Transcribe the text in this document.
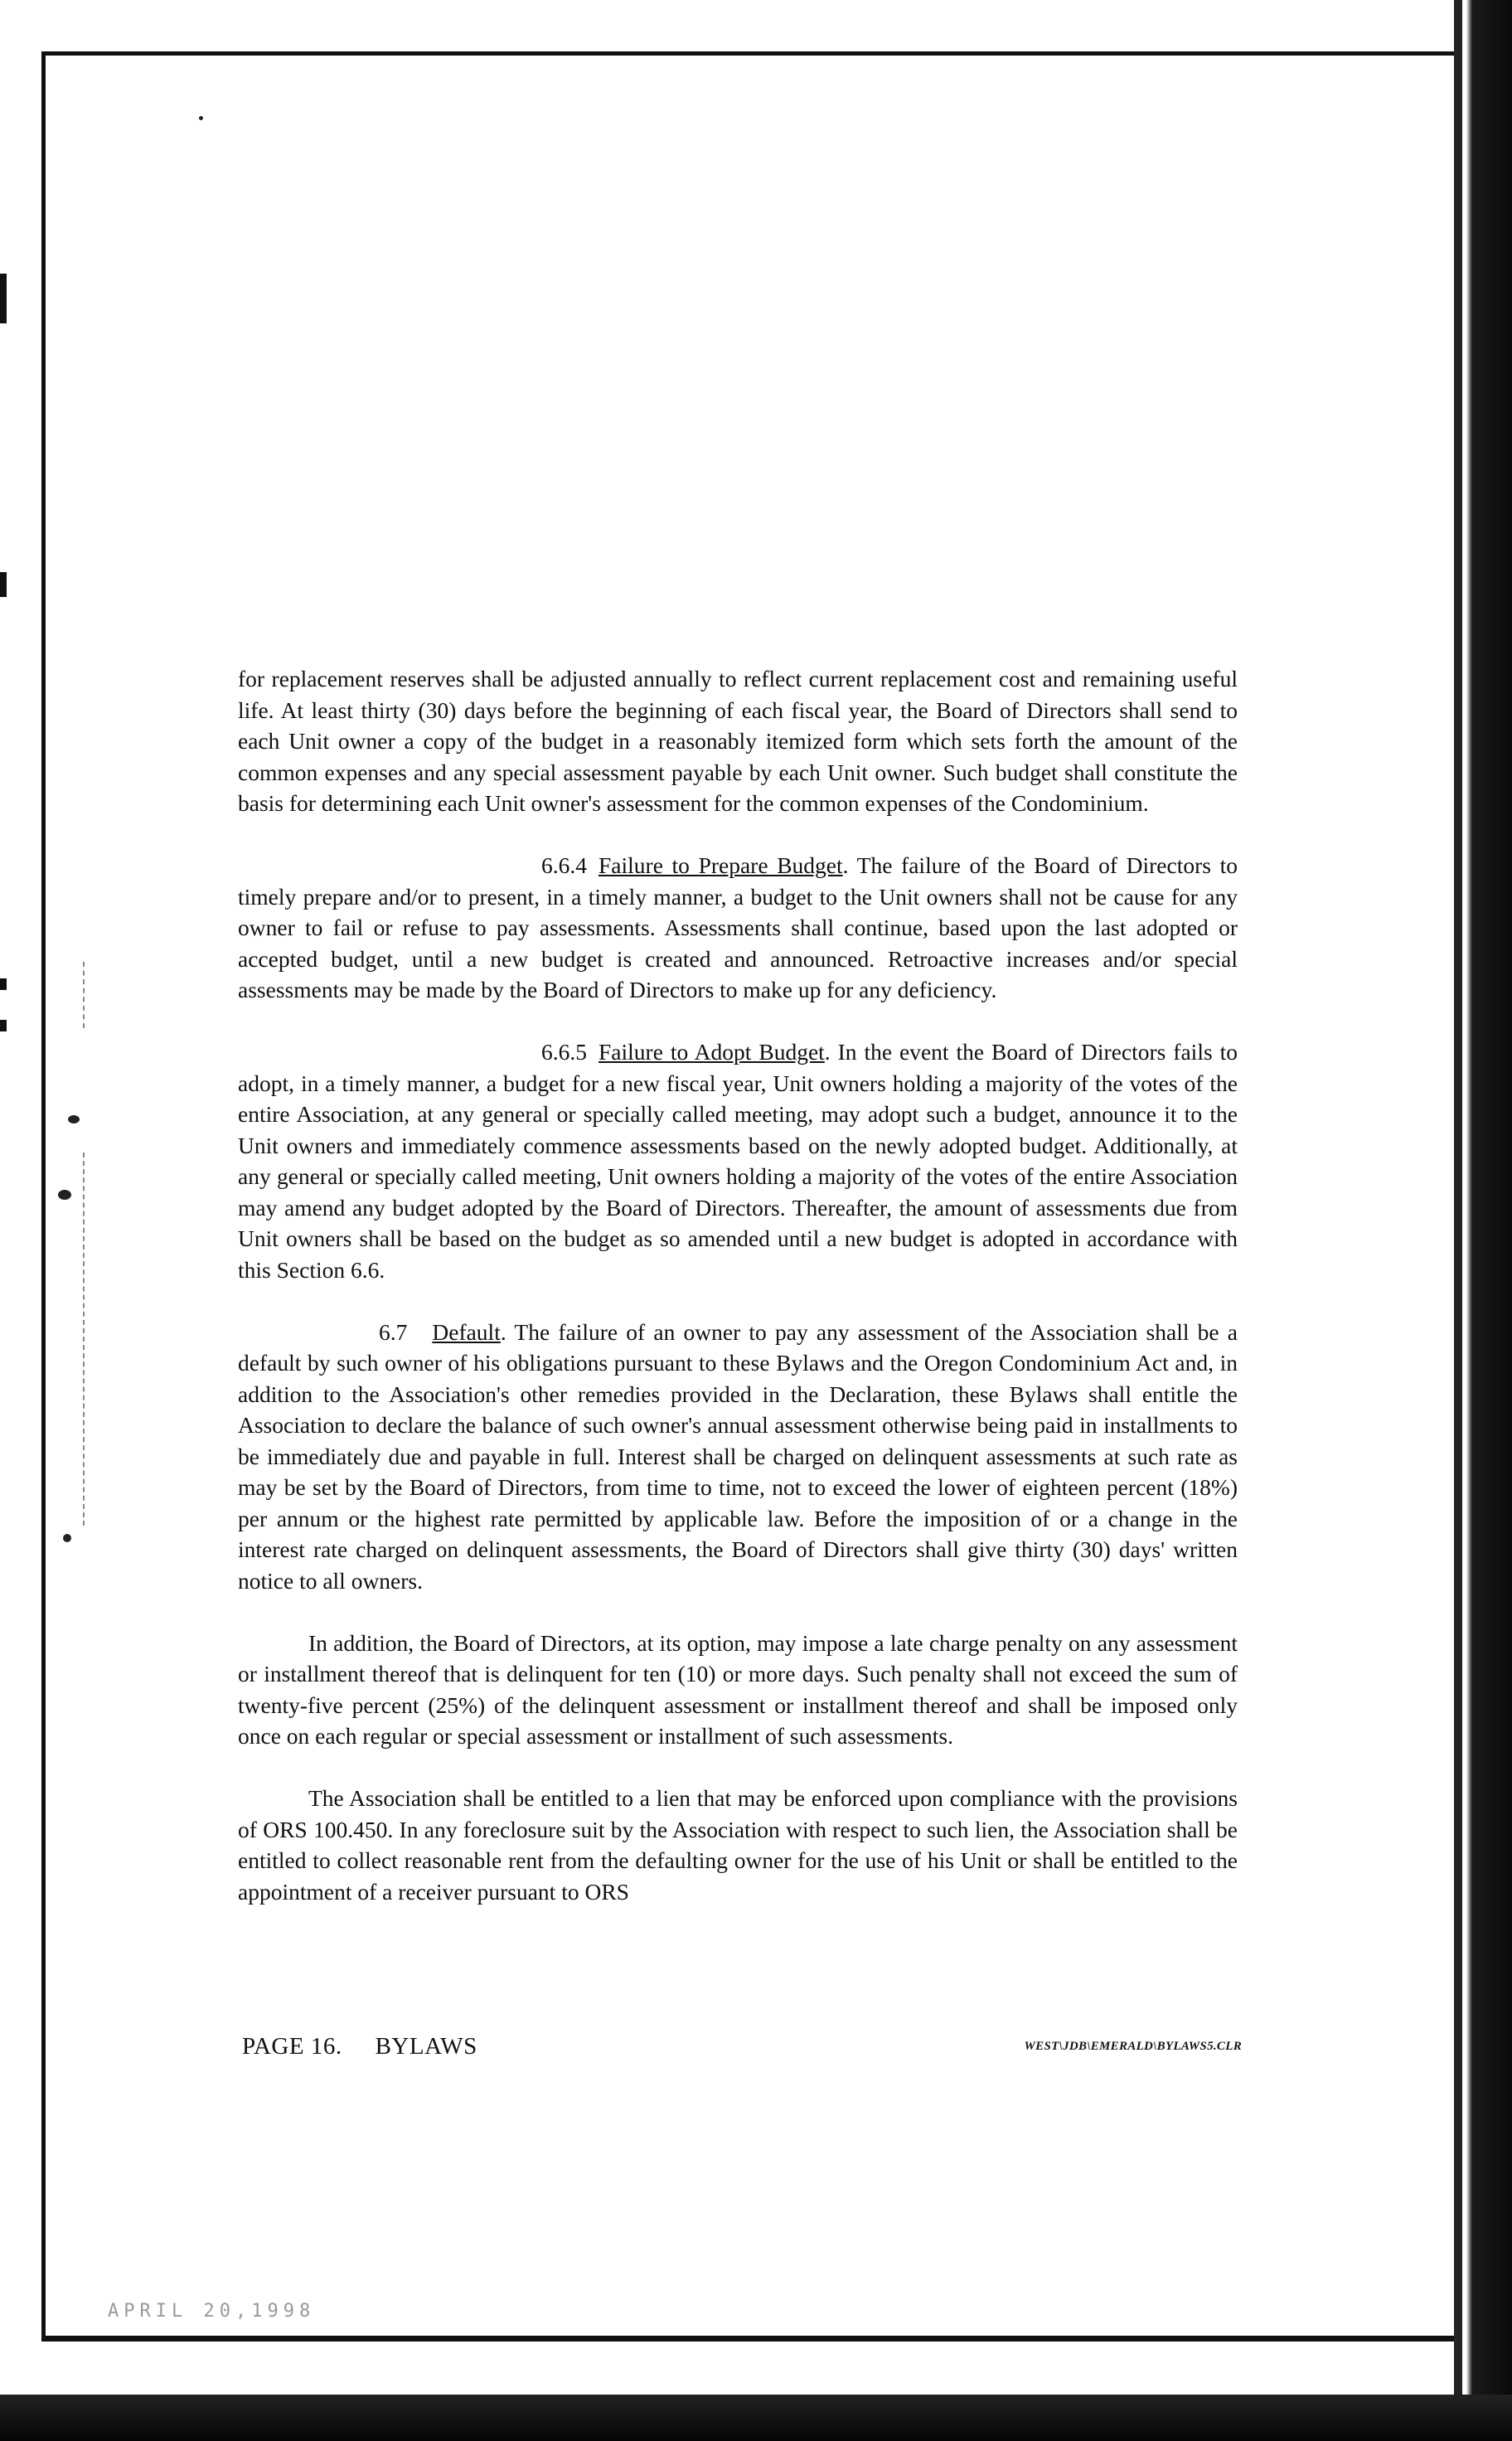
for replacement reserves shall be adjusted annually to reflect current replacement cost and remaining useful life. At least thirty (30) days before the beginning of each fiscal year, the Board of Directors shall send to each Unit owner a copy of the budget in a reasonably itemized form which sets forth the amount of the common expenses and any special assessment payable by each Unit owner. Such budget shall constitute the basis for determining each Unit owner's assessment for the common expenses of the Condominium.

6.6.4 Failure to Prepare Budget. The failure of the Board of Directors to timely prepare and/or to present, in a timely manner, a budget to the Unit owners shall not be cause for any owner to fail or refuse to pay assessments. Assessments shall continue, based upon the last adopted or accepted budget, until a new budget is created and announced. Retroactive increases and/or special assessments may be made by the Board of Directors to make up for any deficiency.

6.6.5 Failure to Adopt Budget. In the event the Board of Directors fails to adopt, in a timely manner, a budget for a new fiscal year, Unit owners holding a majority of the votes of the entire Association, at any general or specially called meeting, may adopt such a budget, announce it to the Unit owners and immediately commence assessments based on the newly adopted budget. Additionally, at any general or specially called meeting, Unit owners holding a majority of the votes of the entire Association may amend any budget adopted by the Board of Directors. Thereafter, the amount of assessments due from Unit owners shall be based on the budget as so amended until a new budget is adopted in accordance with this Section 6.6.

6.7 Default. The failure of an owner to pay any assessment of the Association shall be a default by such owner of his obligations pursuant to these Bylaws and the Oregon Condominium Act and, in addition to the Association's other remedies provided in the Declaration, these Bylaws shall entitle the Association to declare the balance of such owner's annual assessment otherwise being paid in installments to be immediately due and payable in full. Interest shall be charged on delinquent assessments at such rate as may be set by the Board of Directors, from time to time, not to exceed the lower of eighteen percent (18%) per annum or the highest rate permitted by applicable law. Before the imposition of or a change in the interest rate charged on delinquent assessments, the Board of Directors shall give thirty (30) days' written notice to all owners.

In addition, the Board of Directors, at its option, may impose a late charge penalty on any assessment or installment thereof that is delinquent for ten (10) or more days. Such penalty shall not exceed the sum of twenty-five percent (25%) of the delinquent assessment or installment thereof and shall be imposed only once on each regular or special assessment or installment of such assessments.

The Association shall be entitled to a lien that may be enforced upon compliance with the provisions of ORS 100.450. In any foreclosure suit by the Association with respect to such lien, the Association shall be entitled to collect reasonable rent from the defaulting owner for the use of his Unit or shall be entitled to the appointment of a receiver pursuant to ORS

PAGE 16. BYLAWS	WEST\JDB\EMERALD\BYLAWS5.CLR
APRIL 20,1998
